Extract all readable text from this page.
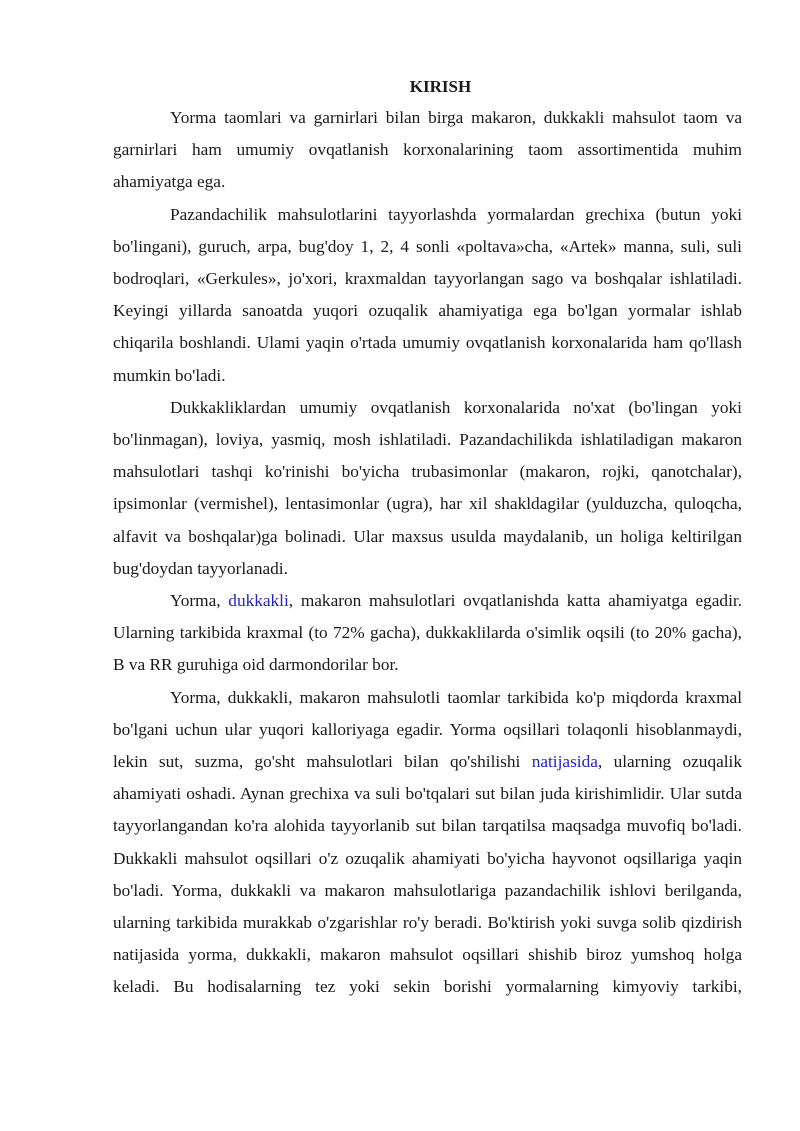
KIRISH

Yorma taomlari va garnirlari bilan birga makaron, dukkakli mahsulot taom va garnirlari ham umumiy ovqatlanish korxonalarining taom assortimentida muhim ahamiyatga ega.

Pazandachilik mahsulotlarini tayyorlashda yormalardan grechixa (butun yoki bo'lingani), guruch, arpa, bug'doy 1, 2, 4 sonli «poltava»cha, «Artek» manna, suli, suli bodroqlari, «Gerkules», jo'xori, kraxmaldan tayyorlangan sago va boshqalar ishlatiladi. Keyingi yillarda sanoatda yuqori ozuqalik ahamiyatiga ega bo'lgan yormalar ishlab chiqarila boshlandi. Ulami yaqin o'rtada umumiy ovqatlanish korxonalarida ham qo'llash mumkin bo'ladi.

Dukkakliklardan umumiy ovqatlanish korxonalarida no'xat (bo'lingan yoki bo'linmagan), loviya, yasmiq, mosh ishlatiladi. Pazandachilikda ishlatiladigan makaron mahsulotlari tashqi ko'rinishi bo'yicha trubasimonlar (makaron, rojki, qanotchalar), ipsimonlar (vermishel), lentasimonlar (ugra), har xil shakldagilar (yulduzcha, quloqcha, alfavit va boshqalar)ga bolinadi. Ular maxsus usulda maydalanib, un holiga keltirilgan bug'doydan tayyorlanadi.

Yorma, dukkakli, makaron mahsulotlari ovqatlanishda katta ahamiyatga egadir. Ularning tarkibida kraxmal (to 72% gacha), dukkaklilarda o'simlik oqsili (to 20% gacha), B va RR guruhiga oid darmondorilar bor.

Yorma, dukkakli, makaron mahsulotli taomlar tarkibida ko'p miqdorda kraxmal bo'lgani uchun ular yuqori kalloriyaga egadir. Yorma oqsillari tolaqonli hisoblanmaydi, lekin sut, suzma, go'sht mahsulotlari bilan qo'shilishi natijasida, ularning ozuqalik ahamiyati oshadi. Aynan grechixa va suli bo'tqalari sut bilan juda kirishimlidir. Ular sutda tayyorlangandan ko'ra alohida tayyorlanib sut bilan tarqatilsa maqsadga muvofiq bo'ladi. Dukkakli mahsulot oqsillari o'z ozuqalik ahamiyati bo'yicha hayvonot oqsillariga yaqin bo'ladi. Yorma, dukkakli va makaron mahsulotlariga pazandachilik ishlovi berilganda, ularning tarkibida murakkab o'zgarishlar ro'y beradi. Bo'ktirish yoki suvga solib qizdirish natijasida yorma, dukkakli, makaron mahsulot oqsillari shishib biroz yumshoq holga keladi. Bu hodisalarning tez yoki sekin borishi yormalarning kimyoviy tarkibi,
